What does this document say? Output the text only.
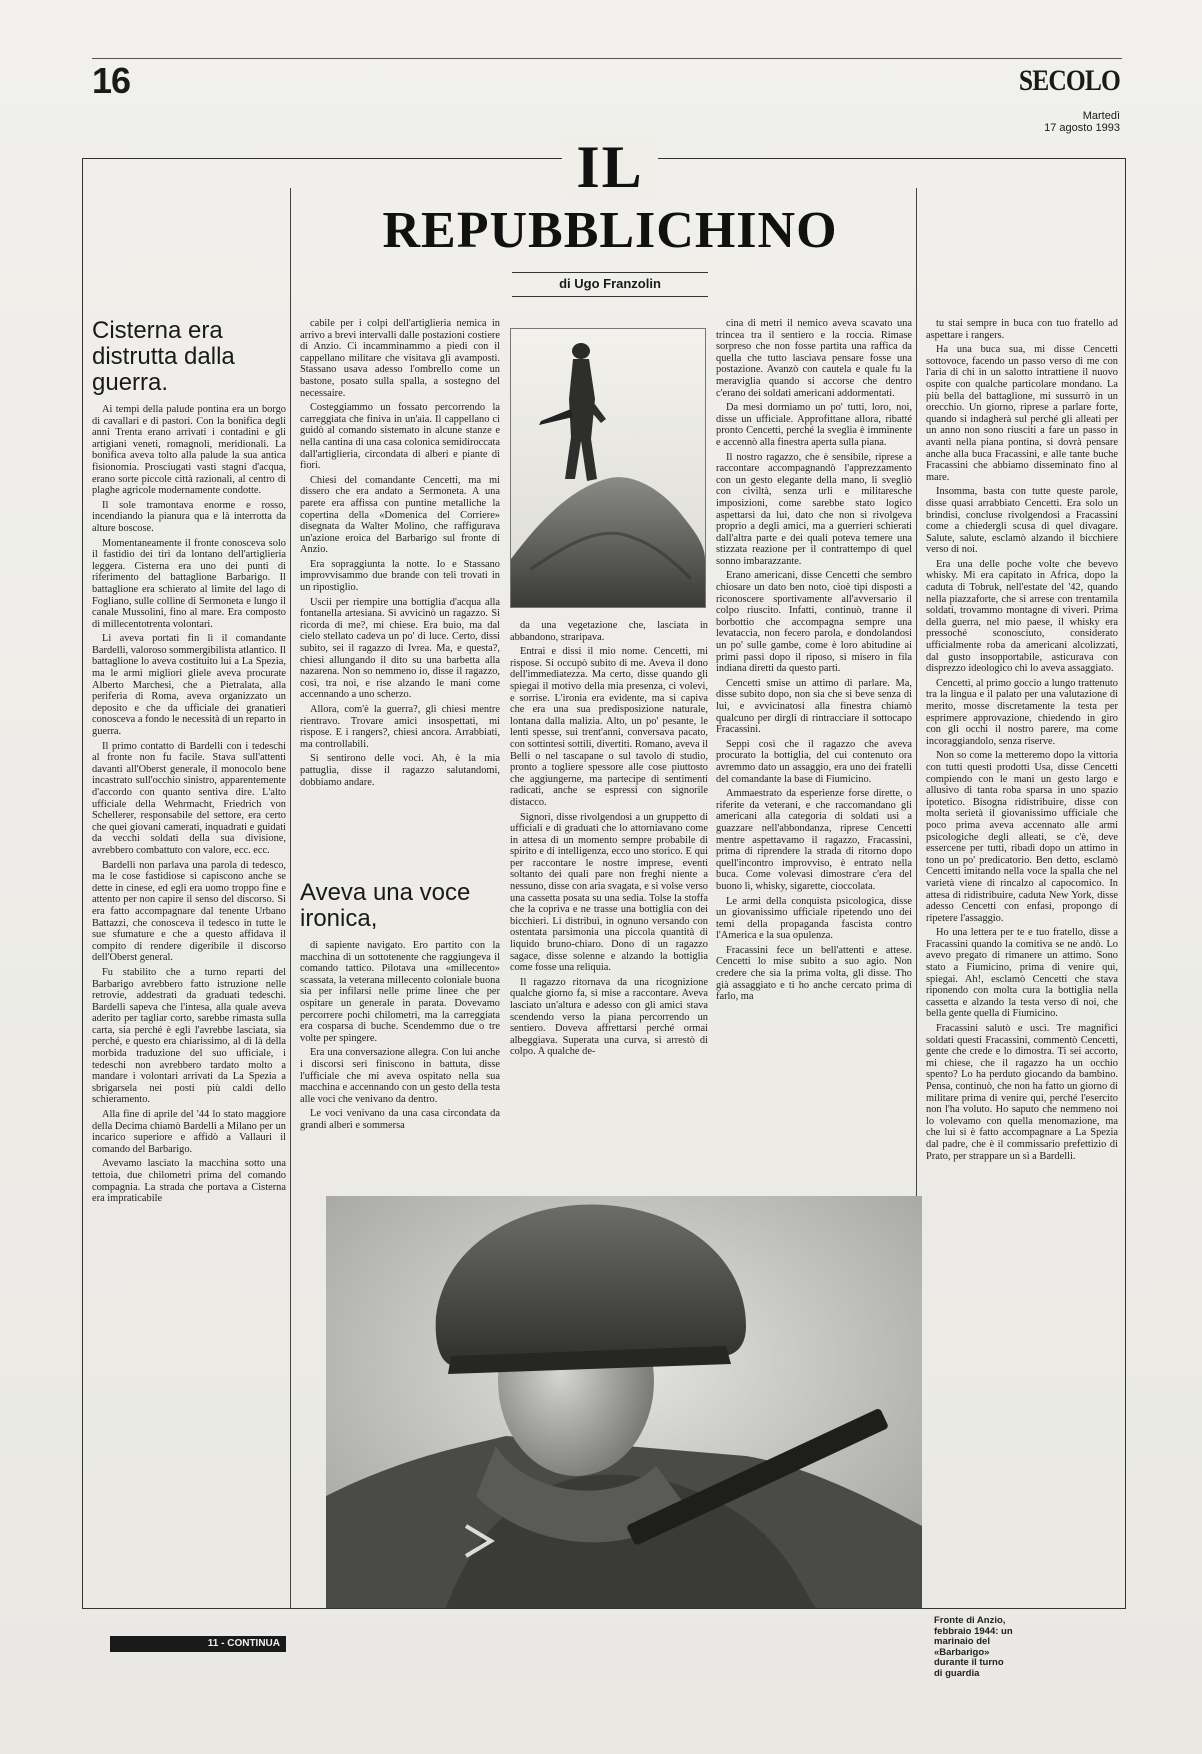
16	SECOLO
Martedì
17 agosto 1993
IL
REPUBBLICHINO
di Ugo Franzolin
Cisterna era distrutta dalla guerra.

Ai tempi della palude pontina era un borgo di cavallari e di pastori. Con la bonifica degli anni Trenta erano arrivati i contadini e gli artigiani veneti, romagnoli, meridionali. La bonifica aveva tolto alla palude la sua antica fisionomia. Prosciugati vasti stagni d'acqua, erano sorte piccole città razionali, al centro di plaghe agricole modernamente condotte.

Il sole tramontava enorme e rosso, incendiando la pianura qua e là interrotta da alture boscose.

Momentaneamente il fronte conosceva solo il fastidio dei tiri da lontano dell'artiglieria leggera. Cisterna era uno dei punti di riferimento del battaglione Barbarigo. Il battaglione era schierato al limite del lago di Fogliano, sulle colline di Sermoneta e lungo il canale Mussolini, fino al mare. Era composto di millecentotrenta volontari.

Li aveva portati fin lì il comandante Bardelli, valoroso sommergibilista atlantico. Il battaglione lo aveva costituito lui a La Spezia, ma le armi migliori gliele aveva procurate Alberto Marchesi, che a Pietralata, alla periferia di Roma, aveva organizzato un deposito e che da ufficiale dei granatieri conosceva a fondo le necessità di un reparto in guerra.

Il primo contatto di Bardelli con i tedeschi al fronte non fu facile. Stava sull'attenti davanti all'Oberst generale, il monocolo bene incastrato sull'occhio sinistro, apparentemente d'accordo con quanto sentiva dire. L'alto ufficiale della Wehrmacht, Friedrich von Schellerer, responsabile del settore, era certo che quei giovani camerati, inquadrati e guidati da vecchi soldati della sua divisione, avrebbero combattuto con valore, ecc. ecc.

Bardelli non parlava una parola di tedesco, ma le cose fastidiose si capiscono anche se dette in cinese, ed egli era uomo troppo fine e attento per non capire il senso del discorso. Si era fatto accompagnare dal tenente Urbano Battazzi, che conosceva il tedesco in tutte le sue sfumature e che a questo affidava il compito di rendere digeribile il discorso dell'Oberst general.

Fu stabilito che a turno reparti del Barbarigo avrebbero fatto istruzione nelle retrovie, addestrati da graduati tedeschi. Bardelli sapeva che l'intesa, alla quale aveva aderito per tagliar corto, sarebbe rimasta sulla carta, sia perché è egli l'avrebbe lasciata, sia perché, e questo era chiarissimo, al di là della morbida traduzione del suo ufficiale, i tedeschi non avrebbero tardato molto a mandare i volontari arrivati da La Spezia a sbrigarsela nei posti più caldi dello schieramento.

Alla fine di aprile del '44 lo stato maggiore della Decima chiamò Bardelli a Milano per un incarico superiore e affidò a Vallauri il comando del Barbarigo.

Avevamo lasciato la macchina sotto una tettoia, due chilometri prima del comando compagnia. La strada che portava a Cisterna era impraticabile

cabile per i colpi dell'artiglieria nemica in arrivo a brevi intervalli dalle postazioni costiere di Anzio. Ci incamminammo a piedi con il cappellano militare che visitava gli avamposti. Stassano usava adesso l'ombrello come un bastone, posato sulla spalla, a sostegno del necessaire.

Costeggiammo un fossato percorrendo la carreggiata che finiva in un'aia. Il cappellano ci guidò al comando sistemato in alcune stanze e nella cantina di una casa colonica semidiroccata dall'artiglieria, circondata di alberi e piante di fiori.

Chiesi del comandante Cencetti, ma mi dissero che era andato a Sermoneta. A una parete era affissa con puntine metalliche la copertina della «Domenica del Corriere» disegnata da Walter Molino, che raffigurava un'azione eroica del Barbarigo sul fronte di Anzio.

Era sopraggiunta la notte. Io e Stassano improvvisammo due brande con teli trovati in un ripostiglio.

Uscii per riempire una bottiglia d'acqua alla fontanella artesiana. Si avvicinò un ragazzo. Si ricorda di me?, mi chiese. Era buio, ma dal cielo stellato cadeva un po' di luce. Certo, dissi subito, sei il ragazzo di Ivrea. Ma, e questa?, chiesi allungando il dito su una barbetta alla nazarena. Non so nemmeno io, disse il ragazzo, così, tra noi, e rise alzando le mani come accennando a uno scherzo.

Allora, com'è la guerra?, gli chiesi mentre rientravo. Trovare amici insospettati, mi rispose. E i rangers?, chiesi ancora. Arrabbiati, ma controllabili.

Si sentirono delle voci. Ah, è la mia pattuglia, disse il ragazzo salutandomi, dobbiamo andare.

Aveva una voce ironica,

di sapiente navigato. Ero partito con la macchina di un sottotenente che raggiungeva il comando tattico. Pilotava una «millecento» scassata, la veterana millecento coloniale buona sia per infilarsi nelle prime linee che per ospitare un generale in parata. Dovevamo percorrere pochi chilometri, ma la carreggiata era cosparsa di buche. Scendemmo due o tre volte per spingere.

Era una conversazione allegra. Con lui anche i discorsi seri finiscono in battuta, disse l'ufficiale che mi aveva ospitato nella sua macchina e accennando con un gesto della testa alle voci che venivano da dentro.

Le voci venivano da una casa circondata da grandi alberi e sommersa

da una vegetazione che, lasciata in abbandono, straripava.

Entrai e dissi il mio nome. Cencetti, mi rispose. Si occupò subito di me. Aveva il dono dell'immediatezza. Ma certo, disse quando gli spiegai il motivo della mia presenza, ci volevi, e sorrise. L'ironia era evidente, ma si capiva che era una sua predisposizione naturale, lontana dalla malizia. Alto, un po' pesante, le lenti spesse, sui trent'anni, conversava pacato, con sottintesi sottili, divertiti. Romano, aveva il Belli o nel tascapane o sul tavolo di studio, pronto a togliere spessore alle cose piuttosto che aggiungerne, ma partecipe di sentimenti radicati, anche se espressi con signorile distacco.

Signori, disse rivolgendosi a un gruppetto di ufficiali e di graduati che lo attorniavano come in attesa di un momento sempre probabile di spirito e di intelligenza, ecco uno storico. E qui per raccontare le nostre imprese, eventi soltanto dei quali pare non freghi niente a nessuno, disse con aria svagata, e si volse verso una cassetta posata su una sedia. Tolse la stoffa che la copriva e ne trasse una bottiglia con dei bicchieri. Li distribuì, in ognuno versando con ostentata parsimonia una piccola quantità di liquido bruno-chiaro. Dono di un ragazzo sagace, disse solenne e alzando la bottiglia come fosse una reliquia.

Il ragazzo ritornava da una ricognizione qualche giorno fa, si mise a raccontare. Aveva lasciato un'altura e adesso con gli amici stava scendendo verso la piana percorrendo un sentiero. Doveva affrettarsi perché ormai albeggiava. Superata una curva, si arrestò di colpo. A qualche de-

cina di metri il nemico aveva scavato una trincea tra il sentiero e la roccia. Rimase sorpreso che non fosse partita una raffica da quella che tutto lasciava pensare fosse una postazione. Avanzò con cautela e quale fu la meraviglia quando si accorse che dentro c'erano dei soldati americani addormentati.

Da mesi dormiamo un po' tutti, loro, noi, disse un ufficiale. Approfittane allora, ribatté pronto Cencetti, perché la sveglia è imminente e accennò alla finestra aperta sulla piana.

Il nostro ragazzo, che è sensibile, riprese a raccontare accompagnandò l'apprezzamento con un gesto elegante della mano, li svegliò con civiltà, senza urli e militaresche imposizioni, come sarebbe stato logico aspettarsi da lui, dato che non si rivolgeva proprio a degli amici, ma a guerrieri schierati dall'altra parte e dei quali poteva temere una stizzata reazione per il contrattempo di quel sonno imbarazzante.

Erano americani, disse Cencetti che sembro chiosare un dato ben noto, cioè tipi disposti a riconoscere sportivamente all'avversario il colpo riuscito. Infatti, continuò, tranne il borbottio che accompagna sempre una levataccia, non fecero parola, e dondolandosi un po' sulle gambe, come è loro abitudine ai primi passi dopo il riposo, si misero in fila indiana diretti da questo parti.

Cencetti smise un attimo di parlare. Ma, disse subito dopo, non sia che si beve senza di lui, e avvicinatosi alla finestra chiamò qualcuno per dirgli di rintracciare il sottocapo Fracassini.

Seppi così che il ragazzo che aveva procurato la bottiglia, del cui contenuto ora avremmo dato un assaggio, era uno dei fratelli del comandante la base di Fiumicino.

Ammaestrato da esperienze forse dirette, o riferite da veterani, e che raccomandano gli americani alla categoria di soldati usi a guazzare nell'abbondanza, riprese Cencetti mentre aspettavamo il ragazzo, Fracassini, prima di riprendere la strada di ritorno dopo quell'incontro improvviso, è entrato nella buca. Come volevasi dimostrare c'era del buono lì, whisky, sigarette, cioccolata.

Le armi della conquista psicologica, disse un giovanissimo ufficiale ripetendo uno dei temi della propaganda fascista contro l'America e la sua opulenza.

Fracassini fece un bell'attenti e attese. Cencetti lo mise subito a suo agio. Non credere che sia la prima volta, gli disse. Tho già assaggiato e ti ho anche cercato prima di farlo, ma

tu stai sempre in buca con tuo fratello ad aspettare i rangers.

Ha una buca sua, mi disse Cencetti sottovoce, facendo un passo verso di me con l'aria di chi in un salotto intrattiene il nuovo ospite con qualche particolare mondano. La più bella del battaglione, mi sussurrò in un orecchio. Un giorno, riprese a parlare forte, quando si indagherà sul perché gli alleati per un anno non sono riusciti a fare un passo in avanti nella piana pontina, si dovrà pensare anche alla buca Fracassini, e alle tante buche Fracassini che abbiamo disseminato fino al mare.

Insomma, basta con tutte queste parole, disse quasi arrabbiato Cencetti. Era solo un brindisi, concluse rivolgendosi a Fracassini come a chiedergli scusa di quel divagare. Salute, salute, esclamò alzando il bicchiere verso di noi.

Era una delle poche volte che bevevo whisky. Mi era capitato in Africa, dopo la caduta di Tobruk, nell'estate del '42, quando nella piazzaforte, che si arrese con trentamila soldati, trovammo montagne di viveri. Prima della guerra, nel mio paese, il whisky era pressoché sconosciuto, considerato ufficialmente roba da americani alcolizzati, dal gusto insopportabile, asticurava con disprezzo ideologico chi lo aveva assaggiato.

Cencetti, al primo goccio a lungo trattenuto tra la lingua e il palato per una valutazione di merito, mosse discretamente la testa per esprimere approvazione, chiedendo in giro con gli occhi il nostro parere, ma come incoraggiandolo, senza riserve.

Non so come la metteremo dopo la vittoria con tutti questi prodotti Usa, disse Cencetti compiendo con le mani un gesto largo e allusivo di tanta roba sparsa in uno spazio ipotetico. Bisogna ridistribuire, disse con molta serietà il giovanissimo ufficiale che poco prima aveva accennato alle armi psicologiche degli alleati, se c'è, deve essercene per tutti, ribadì dopo un attimo in tono un po' predicatorio. Ben detto, esclamò Cencetti imitando nella voce la spalla che nel varietà viene di rincalzo al capocomico. In attesa di ridistribuire, caduta New York, disse adesso Cencetti con enfasi, propongo di ripetere l'assaggio.

Ho una lettera per te e tuo fratello, disse a Fracassini quando la comitiva se ne andò. Lo avevo pregato di rimanere un attimo. Sono stato a Fiumicino, prima di venire qui, spiegai. Ah!, esclamò Cencetti che stava riponendo con molta cura la bottiglia nella cassetta e alzando la testa verso di noi, che bella gente quella di Fiumicino.

Fracassini salutò e uscì. Tre magnifici soldati questi Fracassini, commentò Cencetti, gente che crede e lo dimostra. Ti sei accorto, mi chiese, che il ragazzo ha un occhio spento? Lo ha perduto giocando da bambino. Pensa, continuò, che non ha fatto un giorno di militare prima di venire qui, perché l'esercito non l'ha voluto. Ho saputo che nemmeno noi lo volevamo con quella menomazione, ma che lui si è fatto accompagnare a La Spezia dal padre, che è il commissario prefettizio di Prato, per strappare un sì a Bardelli.

Fronte di Anzio, febbraio 1944: un marinaio del «Barbarigo» durante il turno di guardia
11 - CONTINUA
